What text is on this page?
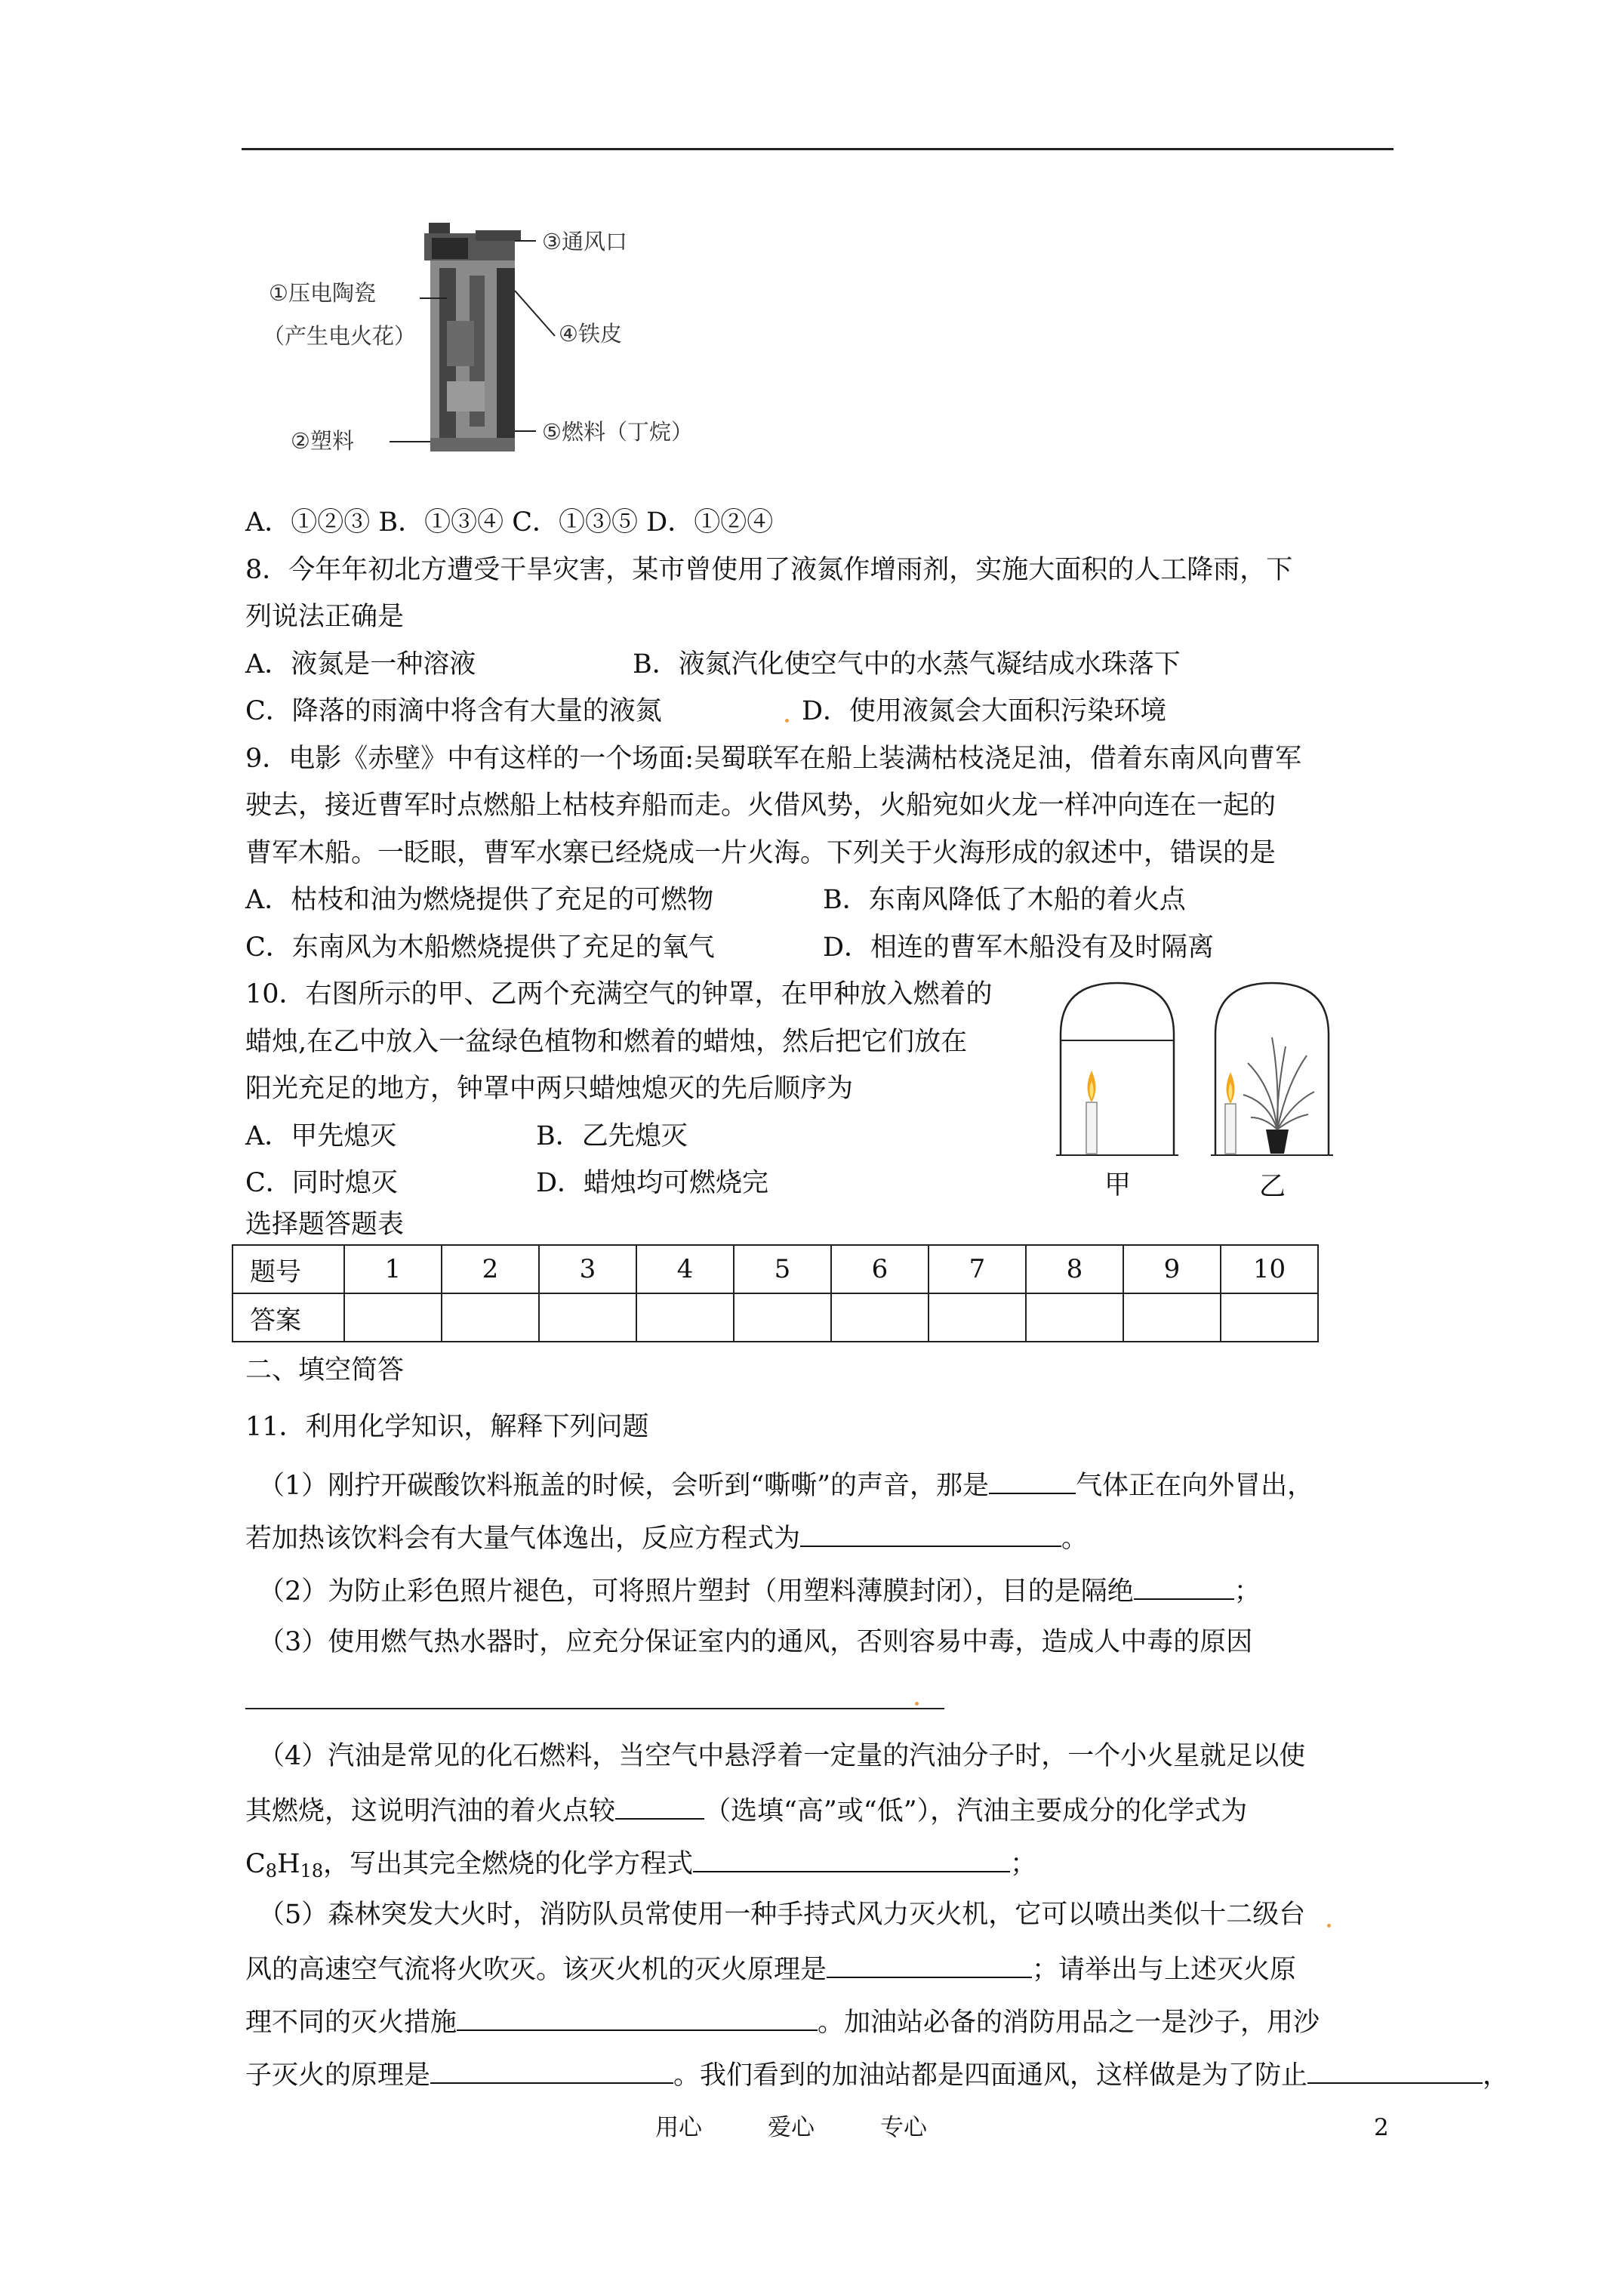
①压电陶瓷
（产生电火花）
②塑料
③通风口
④铁皮
⑤燃料（丁烷）
A．①②③ B．①③④ C．①③⑤ D．①②④
8．今年年初北方遭受干旱灾害，某市曾使用了液氮作增雨剂，实施大面积的人工降雨，下
列说法正确是
A．液氮是一种溶液	B．液氮汽化使空气中的水蒸气凝结成水珠落下
C．降落的雨滴中将含有大量的液氮	D．使用液氮会大面积污染环境
9．电影《赤壁》中有这样的一个场面:吴蜀联军在船上装满枯枝浇足油，借着东南风向曹军
驶去，接近曹军时点燃船上枯枝弃船而走。火借风势，火船宛如火龙一样冲向连在一起的
曹军木船。一眨眼，曹军水寨已经烧成一片火海。下列关于火海形成的叙述中，错误的是
A．枯枝和油为燃烧提供了充足的可燃物	B．东南风降低了木船的着火点
C．东南风为木船燃烧提供了充足的氧气	D．相连的曹军木船没有及时隔离
10．右图所示的甲、乙两个充满空气的钟罩，在甲种放入燃着的
蜡烛,在乙中放入一盆绿色植物和燃着的蜡烛，然后把它们放在
阳光充足的地方，钟罩中两只蜡烛熄灭的先后顺序为
A．甲先熄灭	B．乙先熄灭
C．同时熄灭	D．蜡烛均可燃烧完	甲	乙
选择题答题表
题号	1	2	3	4	5	6	7	8	9	10
答案										
二、填空简答
11．利用化学知识，解释下列问题
（1）刚拧开碳酸饮料瓶盖的时候，会听到“嘶嘶”的声音，那是	气体正在向外冒出，
若加热该饮料会有大量气体逸出，反应方程式为	。
（2）为防止彩色照片褪色，可将照片塑封（用塑料薄膜封闭），目的是隔绝	；
（3）使用燃气热水器时，应充分保证室内的通风，否则容易中毒，造成人中毒的原因
（4）汽油是常见的化石燃料，当空气中悬浮着一定量的汽油分子时，一个小火星就足以使
其燃烧，这说明汽油的着火点较	（选填“高”或“低”），汽油主要成分的化学式为
$C_8H_{18}$，写出其完全燃烧的化学方程式	；
（5）森林突发大火时，消防队员常使用一种手持式风力灭火机，它可以喷出类似十二级台
风的高速空气流将火吹灭。该灭火机的灭火原理是	；请举出与上述灭火原
理不同的灭火措施	。加油站必备的消防用品之一是沙子，用沙
子灭火的原理是	。我们看到的加油站都是四面通风，这样做是为了防止	，
用心	爱心	专心	2
